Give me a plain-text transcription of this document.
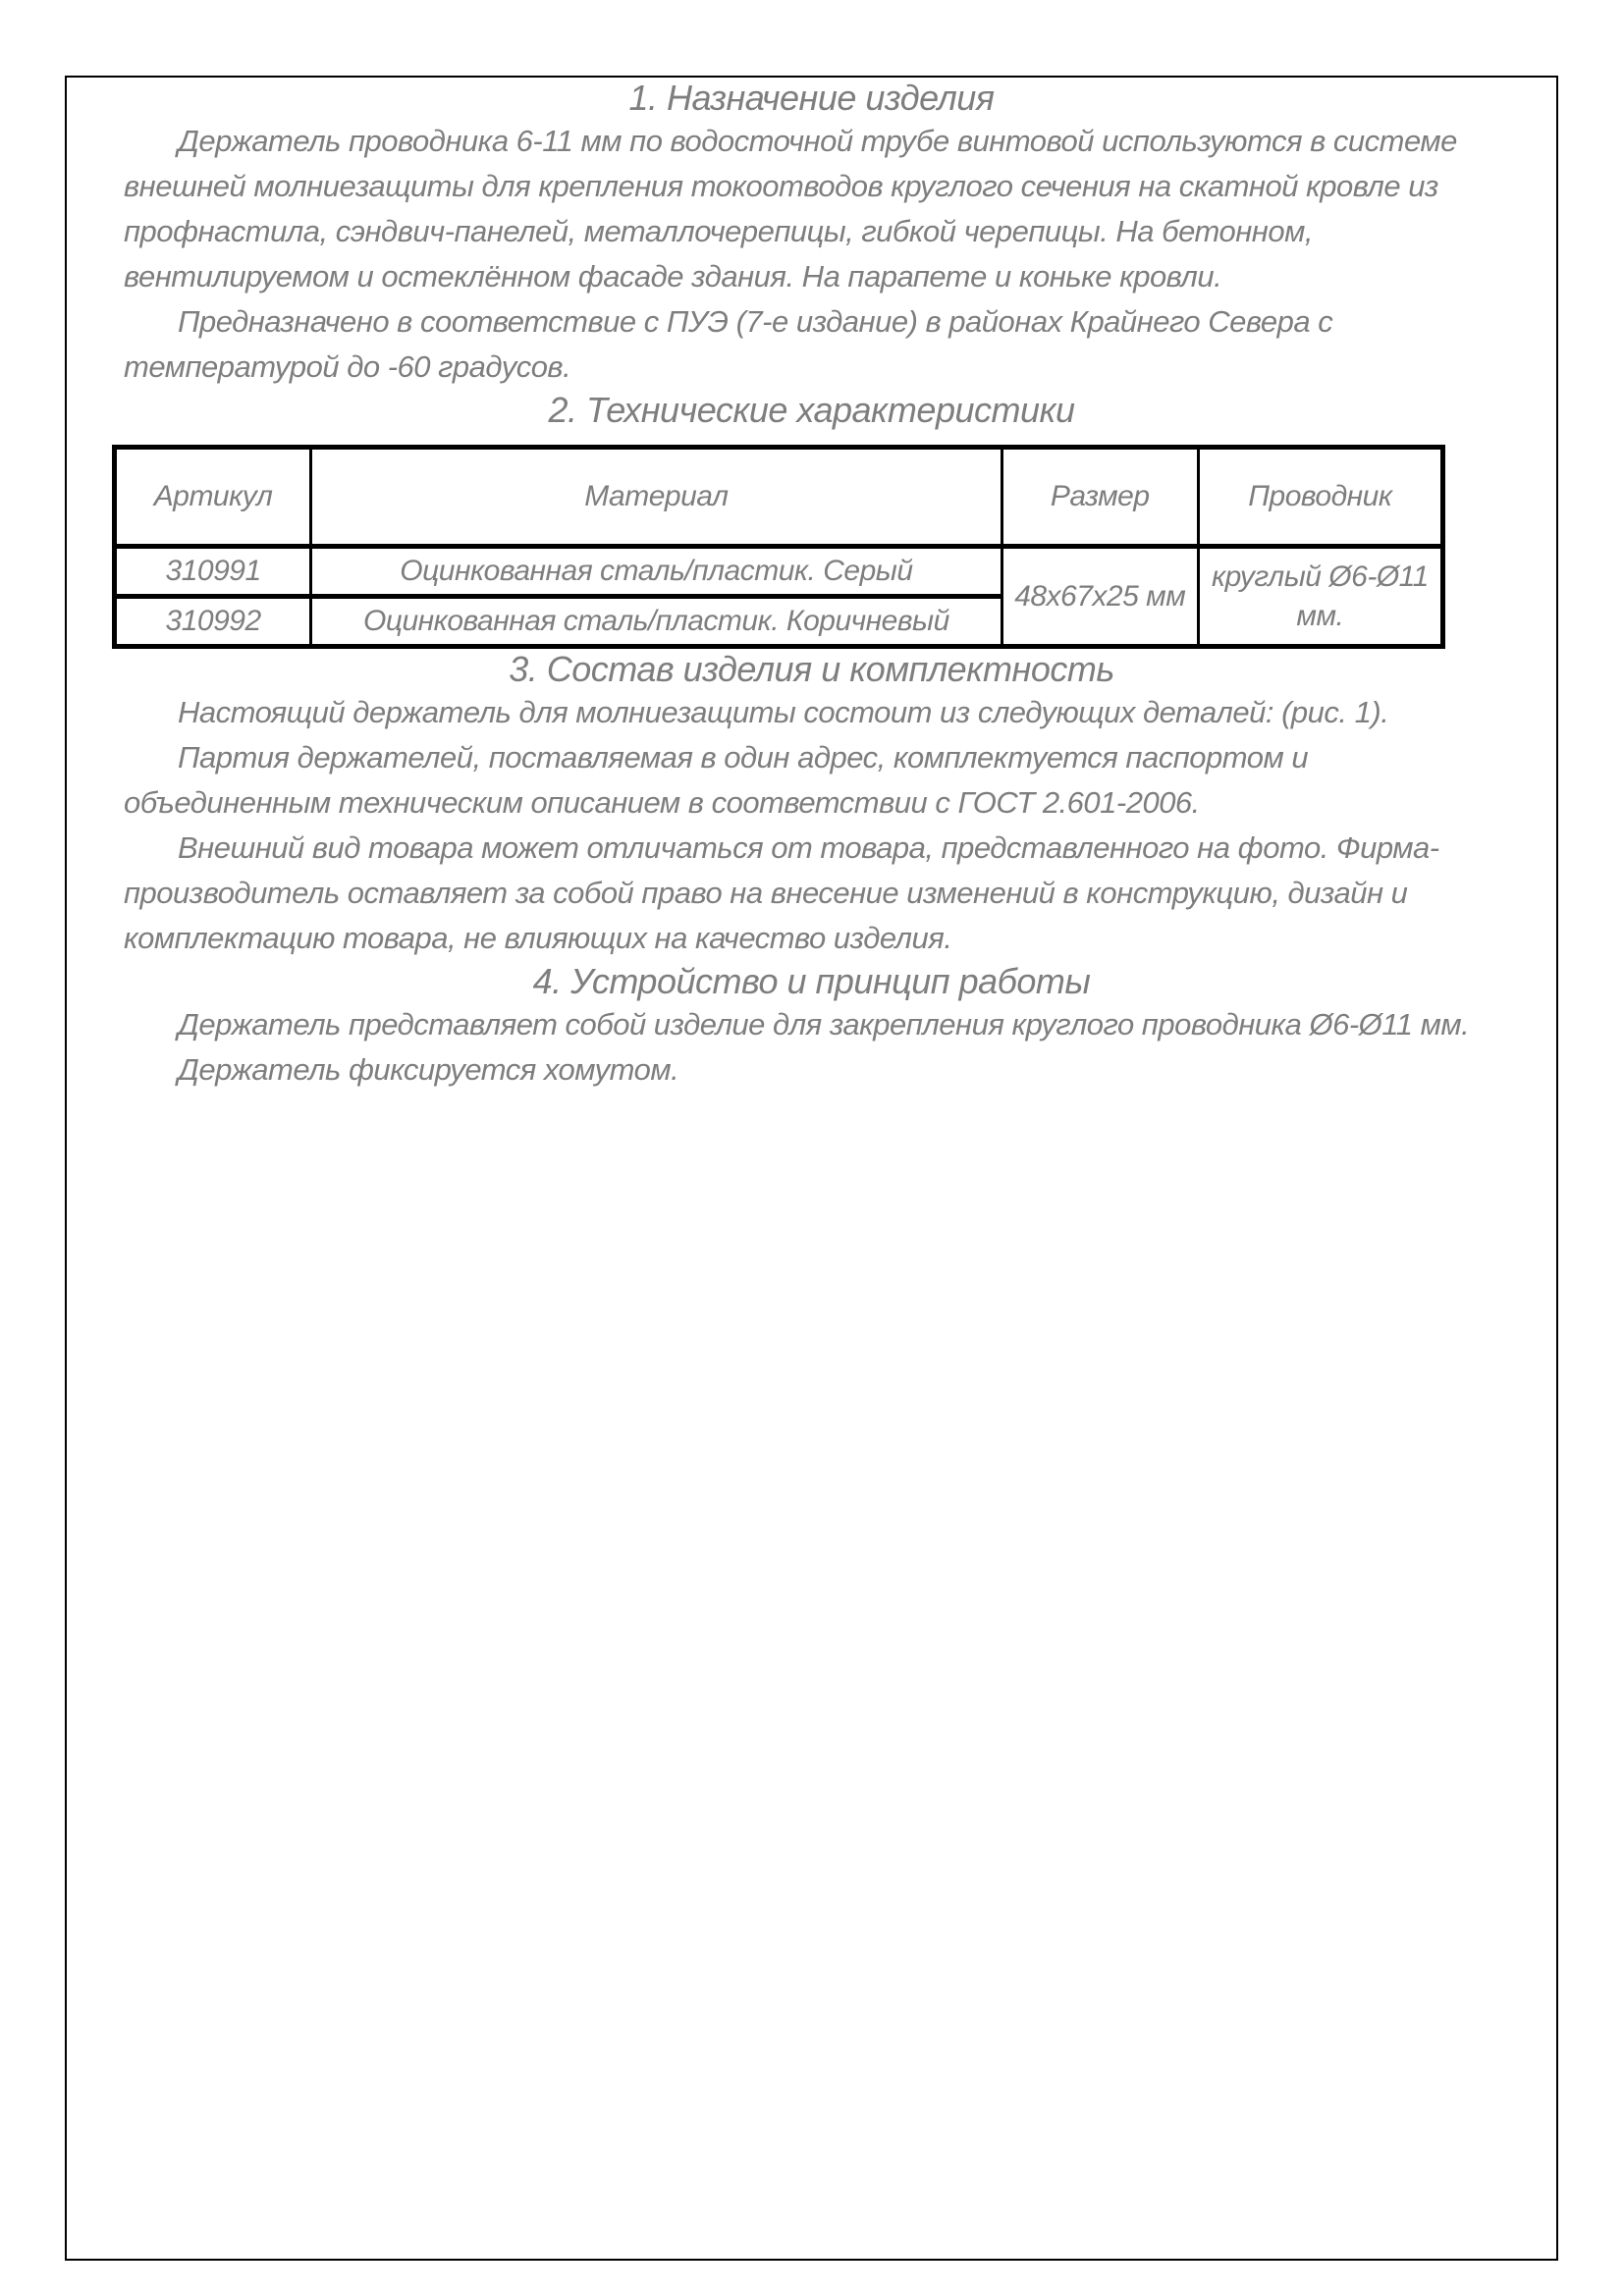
1. Назначение изделия

Держатель проводника 6-11 мм по водосточной трубе винтовой используются в системе внешней молниезащиты для крепления токоотводов круглого сечения на скатной кровле из профнастила, сэндвич-панелей, металлочерепицы, гибкой черепицы. На бетонном, вентилируемом и остеклённом фасаде здания. На парапете и коньке кровли.

Предназначено в соответствие с ПУЭ (7-е издание) в районах Крайнего Севера с температурой до -60 градусов.

2. Технические характеристики
Артикул	Материал	Размер	Проводник
310991	Оцинкованная сталь/пластик. Серый	48х67х25 мм	круглый Ø6-Ø11 мм.
310992	Оцинкованная сталь/пластик. Коричневый		
3. Состав изделия и комплектность

Настоящий держатель для молниезащиты состоит из следующих деталей: (рис. 1).

Партия держателей, поставляемая в один адрес, комплектуется паспортом и объединенным техническим описанием в соответствии с ГОСТ 2.601-2006.

Внешний вид товара может отличаться от товара, представленного на фото. Фирма-производитель оставляет за собой право на внесение изменений в конструкцию, дизайн и комплектацию товара, не влияющих на качество изделия.

4. Устройство и принцип работы

Держатель представляет собой изделие для закрепления круглого проводника Ø6-Ø11 мм.

Держатель фиксируется хомутом.
